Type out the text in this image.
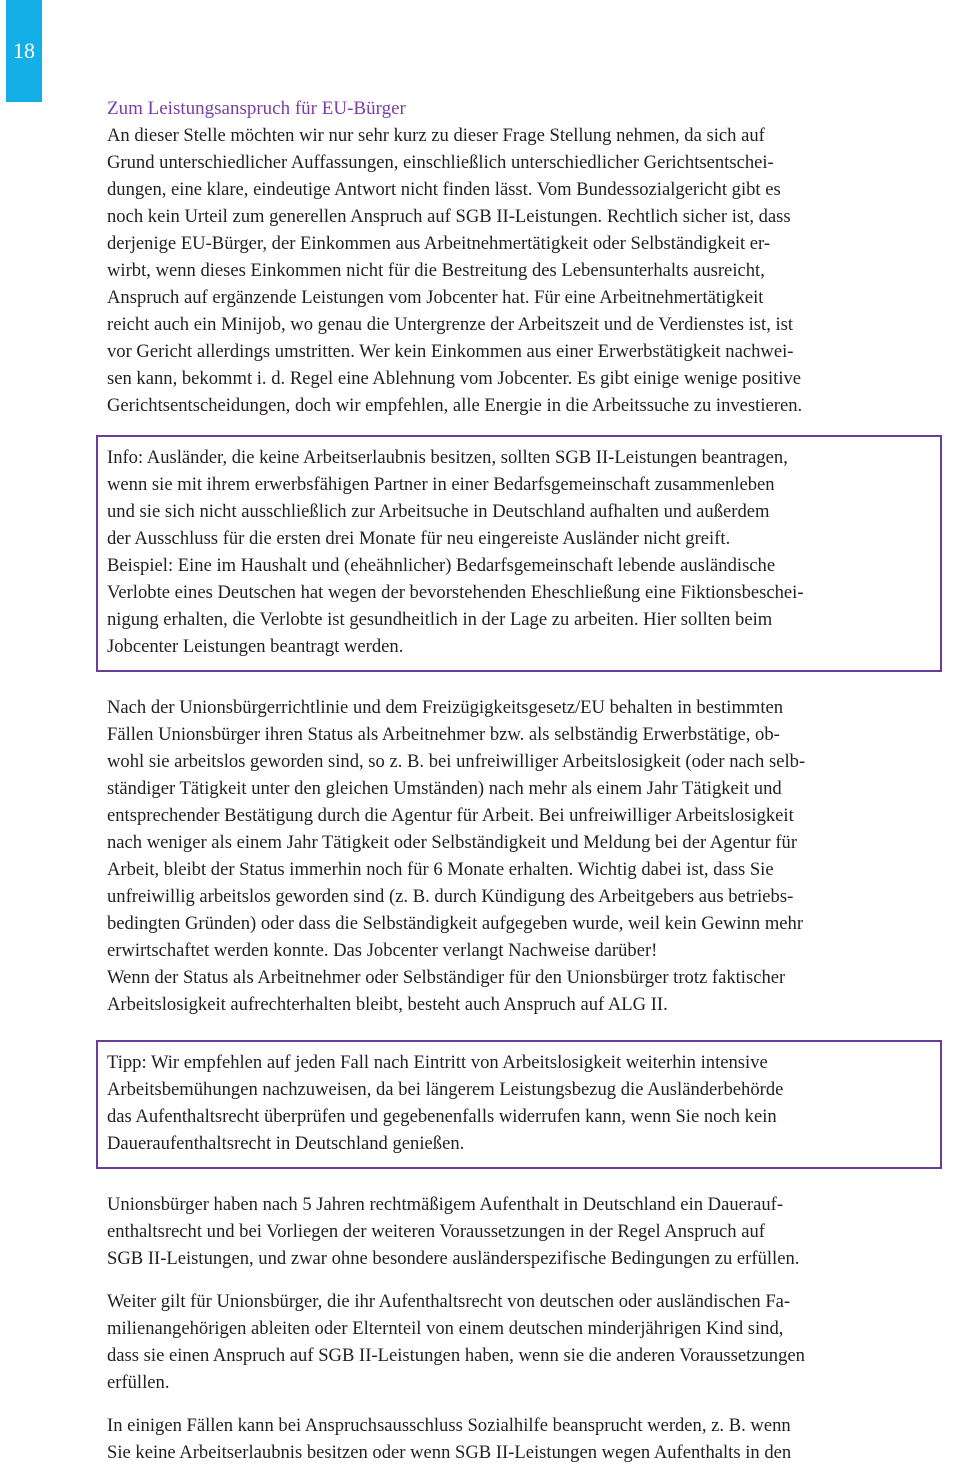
18
Zum Leistungsanspruch für EU-Bürger
An dieser Stelle möchten wir nur sehr kurz zu dieser Frage Stellung nehmen, da sich auf
Grund unterschiedlicher Auffassungen, einschließlich unterschiedlicher Gerichtsentschei-
dungen, eine klare, eindeutige Antwort nicht finden lässt. Vom Bundessozialgericht gibt es
noch kein Urteil zum generellen Anspruch auf SGB II-Leistungen. Rechtlich sicher ist, dass
derjenige EU-Bürger, der Einkommen aus Arbeitnehmertätigkeit oder Selbständigkeit er-
wirbt, wenn dieses Einkommen nicht für die Bestreitung des Lebensunterhalts ausreicht,
Anspruch auf ergänzende Leistungen vom Jobcenter hat. Für eine Arbeitnehmertätigkeit
reicht auch ein Minijob, wo genau die Untergrenze der Arbeitszeit und de Verdienstes ist, ist
vor Gericht allerdings umstritten. Wer kein Einkommen aus einer Erwerbstätigkeit nachwei-
sen kann, bekommt i. d. Regel eine Ablehnung vom Jobcenter. Es gibt einige wenige positive
Gerichtsentscheidungen, doch wir empfehlen, alle Energie in die Arbeitssuche zu investieren.
Info: Ausländer, die keine Arbeitserlaubnis besitzen, sollten SGB II-Leistungen beantragen,
wenn sie mit ihrem erwerbsfähigen Partner in einer Bedarfsgemeinschaft zusammenleben
und sie sich nicht ausschließlich zur Arbeitsuche in Deutschland aufhalten und außerdem
der Ausschluss für die ersten drei Monate für neu eingereiste Ausländer nicht greift.
Beispiel: Eine im Haushalt und (eheähnlicher) Bedarfsgemeinschaft lebende ausländische
Verlobte eines Deutschen hat wegen der bevorstehenden Eheschließung eine Fiktionsbeschei-
nigung erhalten, die Verlobte ist gesundheitlich in der Lage zu arbeiten. Hier sollten beim
Jobcenter Leistungen beantragt werden.
Nach der Unionsbürgerrichtlinie und dem Freizügigkeitsgesetz/EU behalten in bestimmten
Fällen Unionsbürger ihren Status als Arbeitnehmer bzw. als selbständig Erwerbstätige, ob-
wohl sie arbeitslos geworden sind, so z. B. bei unfreiwilliger Arbeitslosigkeit (oder nach selb-
ständiger Tätigkeit unter den gleichen Umständen) nach mehr als einem Jahr Tätigkeit und
entsprechender Bestätigung durch die Agentur für Arbeit. Bei unfreiwilliger Arbeitslosigkeit
nach weniger als einem Jahr Tätigkeit oder Selbständigkeit und Meldung bei der Agentur für
Arbeit, bleibt der Status immerhin noch für 6 Monate erhalten. Wichtig dabei ist, dass Sie
unfreiwillig arbeitslos geworden sind (z. B. durch Kündigung des Arbeitgebers aus betriebs-
bedingten Gründen) oder dass die Selbständigkeit aufgegeben wurde, weil kein Gewinn mehr
erwirtschaftet werden konnte. Das Jobcenter verlangt Nachweise darüber!
Wenn der Status als Arbeitnehmer oder Selbständiger für den Unionsbürger trotz faktischer
Arbeitslosigkeit aufrechterhalten bleibt, besteht auch Anspruch auf ALG II.
Tipp: Wir empfehlen auf jeden Fall nach Eintritt von Arbeitslosigkeit weiterhin intensive
Arbeitsbemühungen nachzuweisen, da bei längerem Leistungsbezug die Ausländerbehörde
das Aufenthaltsrecht überprüfen und gegebenenfalls widerrufen kann, wenn Sie noch kein
Daueraufenthaltsrecht in Deutschland genießen.
Unionsbürger haben nach 5 Jahren rechtmäßigem Aufenthalt in Deutschland ein Dauerauf-
enthaltsrecht und bei Vorliegen der weiteren Voraussetzungen in der Regel Anspruch auf
SGB II-Leistungen, und zwar ohne besondere ausländerspezifische Bedingungen zu erfüllen.
Weiter gilt für Unionsbürger, die ihr Aufenthaltsrecht von deutschen oder ausländischen Fa-
milienangehörigen ableiten oder Elternteil von einem deutschen minderjährigen Kind sind,
dass sie einen Anspruch auf SGB II-Leistungen haben, wenn sie die anderen Voraussetzungen
erfüllen.
In einigen Fällen kann bei Anspruchsausschluss Sozialhilfe beansprucht werden, z. B. wenn
Sie keine Arbeitserlaubnis besitzen oder wenn SGB II-Leistungen wegen Aufenthalts in den
